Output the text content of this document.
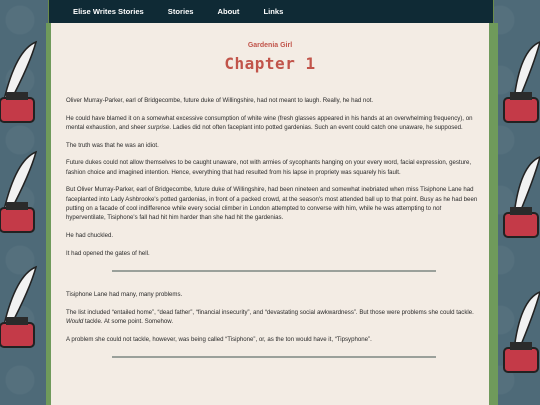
Elise Writes Stories	Stories	About	Links
Gardenia Girl
Chapter 1

Oliver Murray-Parker, earl of Bridgecombe, future duke of Willingshire, had not meant to laugh. Really, he had not.

He could have blamed it on a somewhat excessive consumption of white wine (fresh glasses appeared in his hands at an overwhelming frequency), on mental exhaustion, and sheer surprise. Ladies did not often faceplant into potted gardenias. Such an event could catch one unaware, he supposed.

The truth was that he was an idiot.

Future dukes could not allow themselves to be caught unaware, not with armies of sycophants hanging on your every word, facial expression, gesture, fashion choice and imagined intention. Hence, everything that had resulted from his lapse in propriety was squarely his fault.

But Oliver Murray-Parker, earl of Bridgecombe, future duke of Willingshire, had been nineteen and somewhat inebriated when miss Tisiphone Lane had faceplanted into Lady Ashbrooke's potted gardenias, in front of a packed crowd, at the season's most attended ball up to that point. Busy as he had been putting on a facade of cool indifference while every social climber in London attempted to converse with him, while he was attempting to not hyperventilate, Tisiphone's fall had hit him harder than she had hit the gardenias.

He had chuckled.

It had opened the gates of hell.

Tisiphone Lane had many, many problems.

The list included “entailed home”, “dead father”, “financial insecurity”, and “devastating social awkwardness”. But those were problems she could tackle. Would tackle. At some point. Somehow.

A problem she could not tackle, however, was being called “Tisiphone”, or, as the ton would have it, “Tipsyphone”.
